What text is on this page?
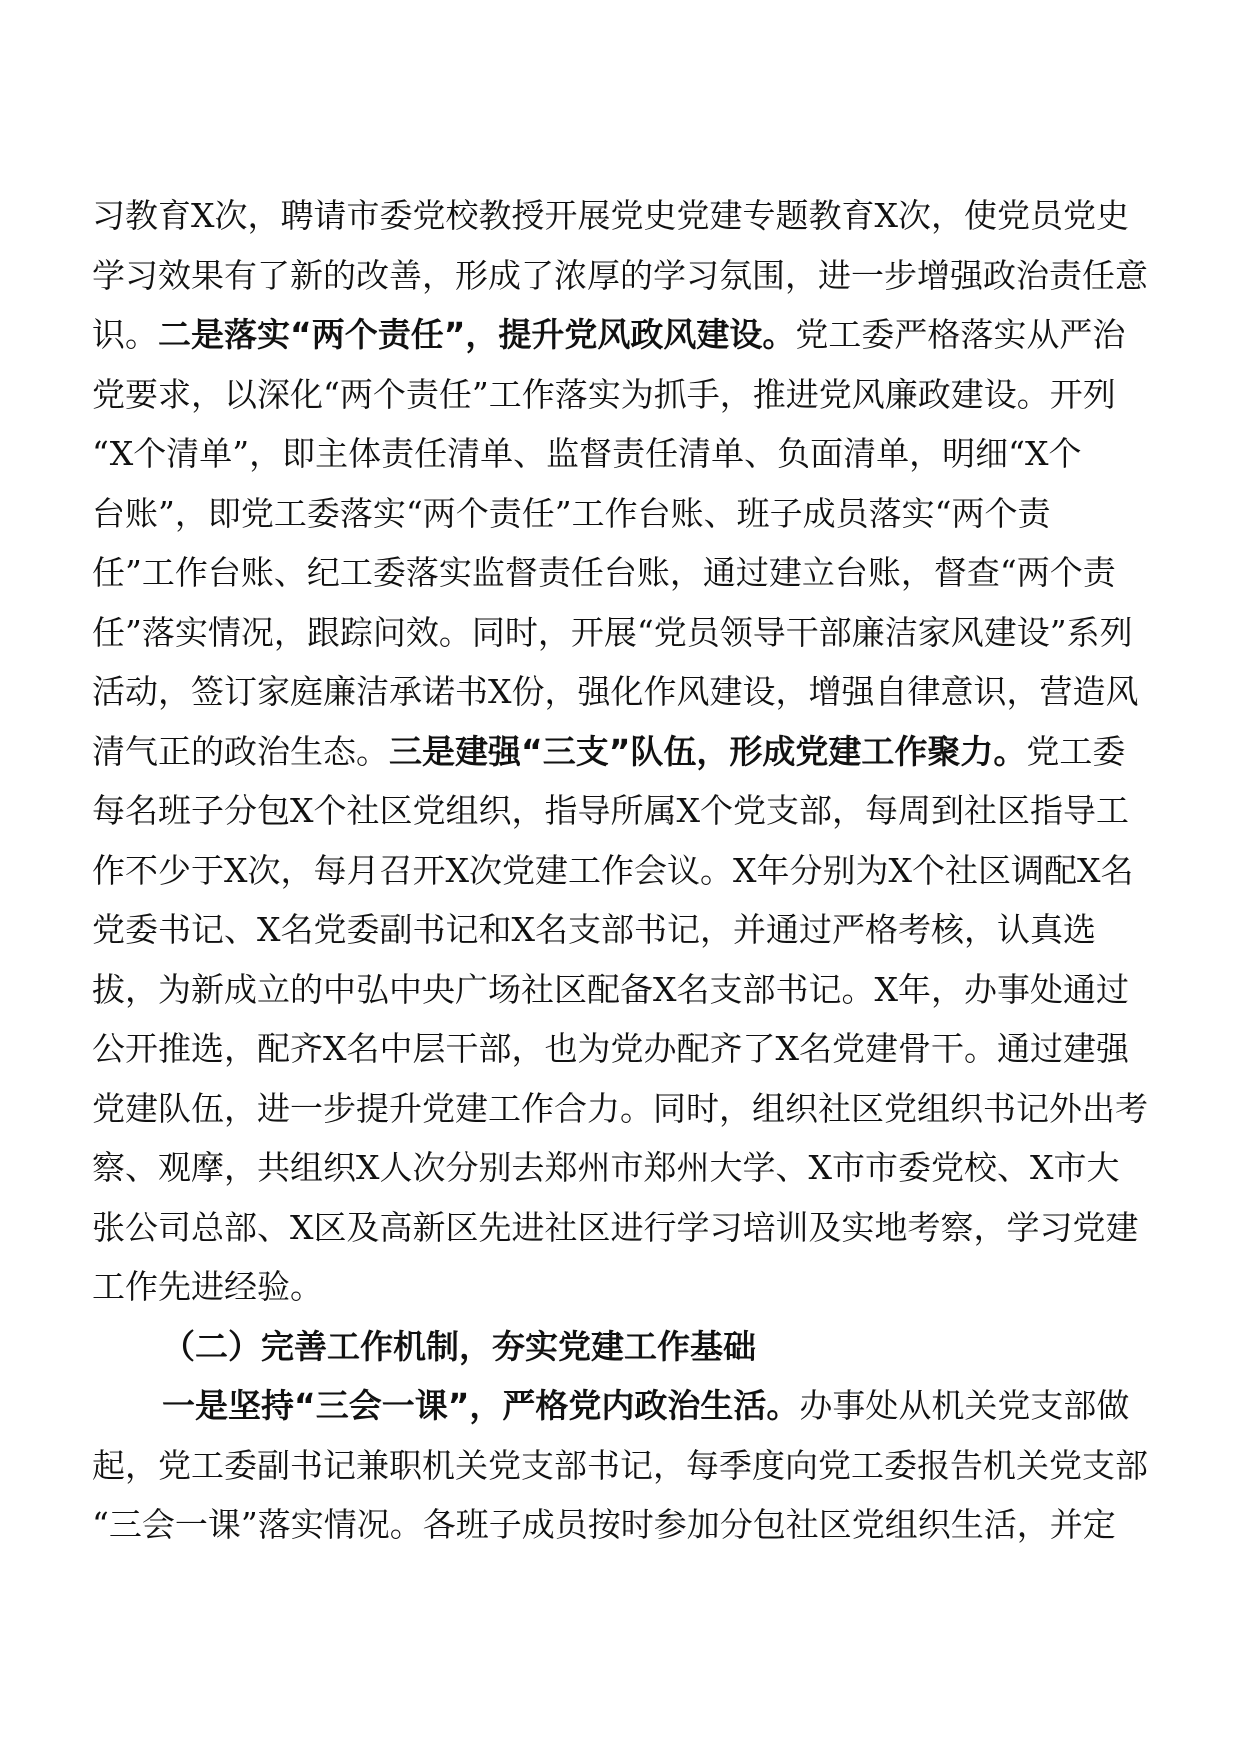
习教育X次，聘请市委党校教授开展党史党建专题教育X次，使党员党史
学习效果有了新的改善，形成了浓厚的学习氛围，进一步增强政治责任意
识。二是落实“两个责任”，提升党风政风建设。党工委严格落实从严治
党要求，以深化“两个责任”工作落实为抓手，推进党风廉政建设。开列
“X个清单”，即主体责任清单、监督责任清单、负面清单，明细“X个
台账”，即党工委落实“两个责任”工作台账、班子成员落实“两个责
任”工作台账、纪工委落实监督责任台账，通过建立台账，督查“两个责
任”落实情况，跟踪问效。同时，开展“党员领导干部廉洁家风建设”系列
活动，签订家庭廉洁承诺书X份，强化作风建设，增强自律意识，营造风
清气正的政治生态。三是建强“三支”队伍，形成党建工作聚力。党工委
每名班子分包X个社区党组织，指导所属X个党支部，每周到社区指导工
作不少于X次，每月召开X次党建工作会议。X年分别为X个社区调配X名
党委书记、X名党委副书记和X名支部书记，并通过严格考核，认真选
拔，为新成立的中弘中央广场社区配备X名支部书记。X年，办事处通过
公开推选，配齐X名中层干部，也为党办配齐了X名党建骨干。通过建强
党建队伍，进一步提升党建工作合力。同时，组织社区党组织书记外出考
察、观摩，共组织X人次分别去郑州市郑州大学、X市市委党校、X市大
张公司总部、X区及高新区先进社区进行学习培训及实地考察，学习党建
工作先进经验。
（二）完善工作机制，夯实党建工作基础
一是坚持“三会一课”，严格党内政治生活。办事处从机关党支部做
起，党工委副书记兼职机关党支部书记，每季度向党工委报告机关党支部
“三会一课”落实情况。各班子成员按时参加分包社区党组织生活，并定
